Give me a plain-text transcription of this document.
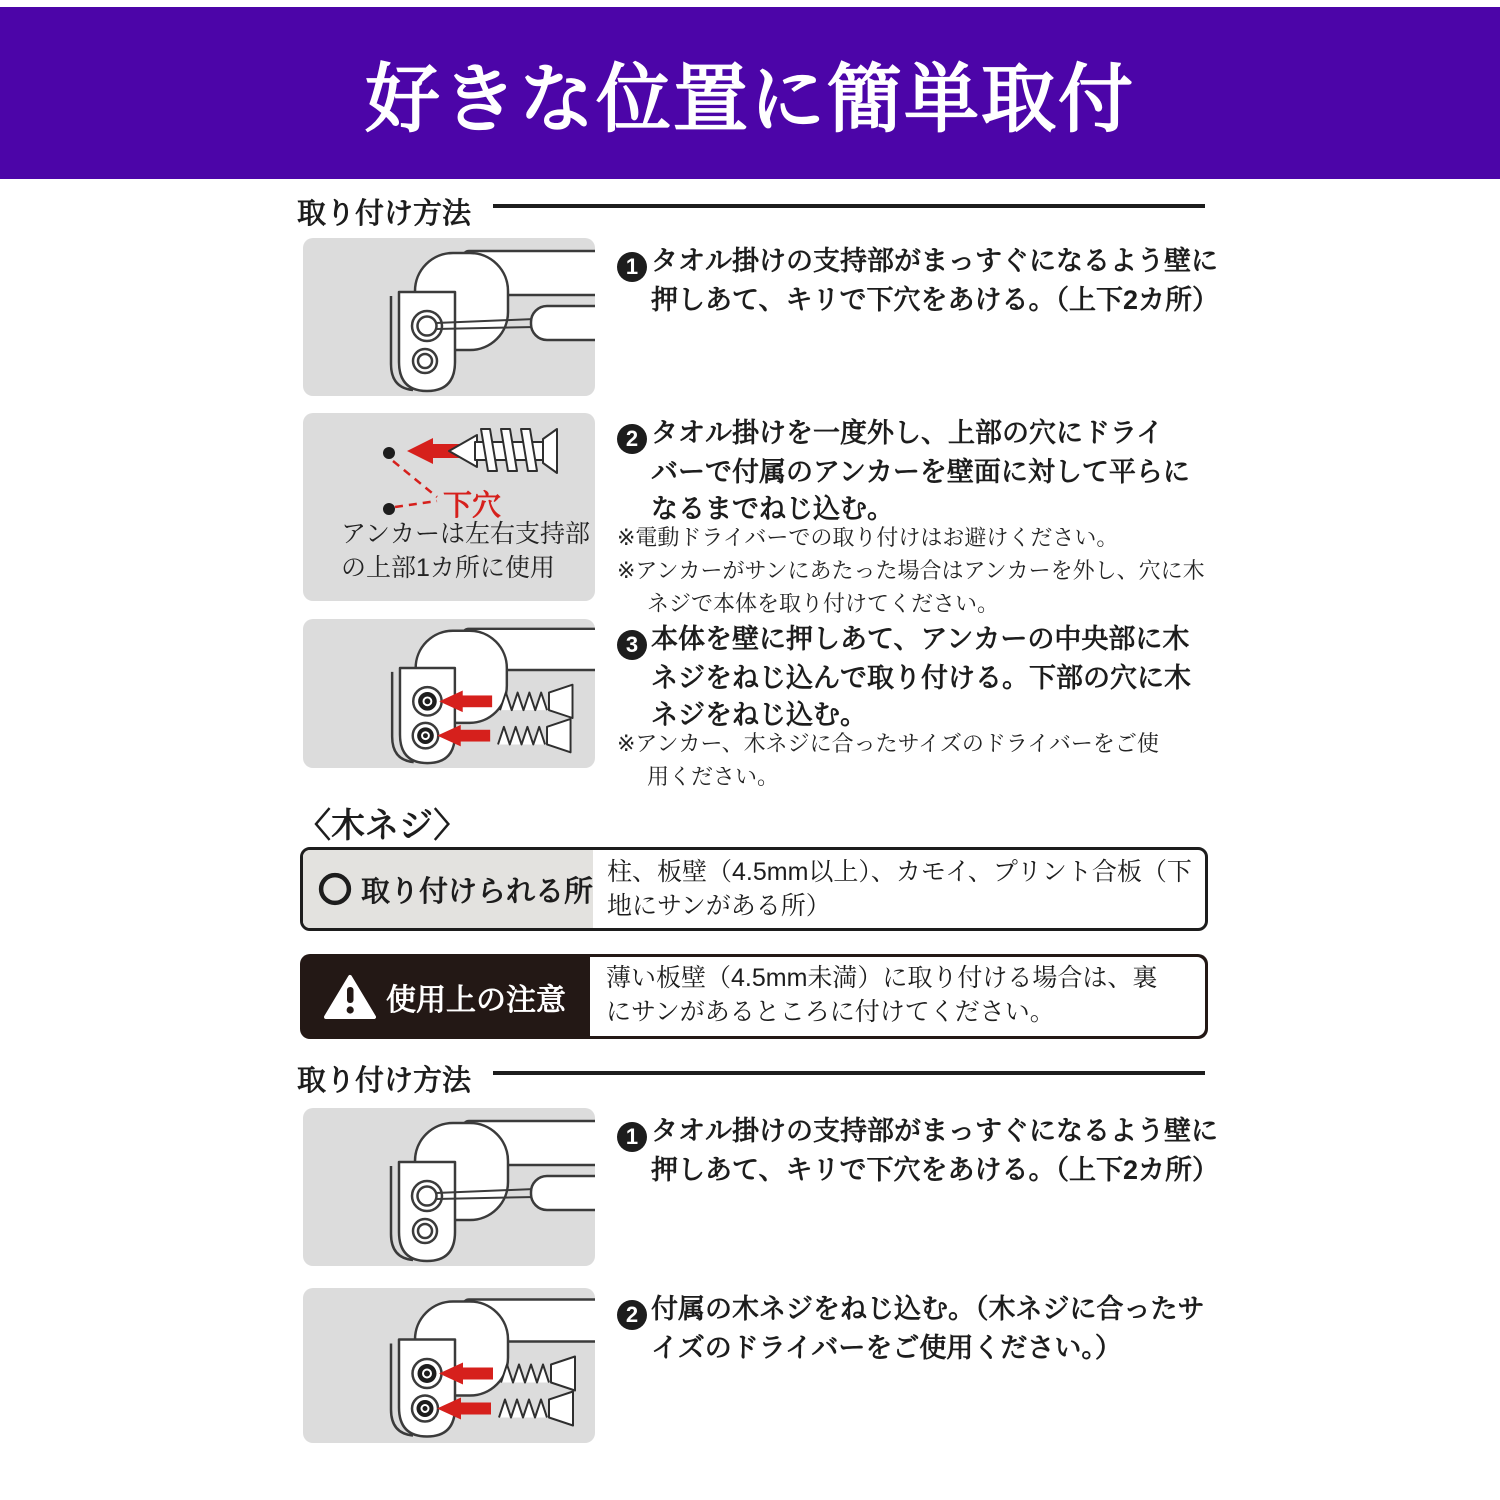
好きな位置に簡単取付
取り付け方法
1 タオル掛けの支持部がまっすぐになるよう壁に
押しあて、キリで下穴をあける。（上下2カ所）
下穴
アンカーは左右支持部
の上部1カ所に使用
2 タオル掛けを一度外し、上部の穴にドライ
バーで付属のアンカーを壁面に対して平らに
なるまでねじ込む。
※電動ドライバーでの取り付けはお避けください。
※アンカーがサンにあたった場合はアンカーを外し、穴に木
ネジで本体を取り付けてください。
3 本体を壁に押しあて、アンカーの中央部に木
ネジをねじ込んで取り付ける。下部の穴に木
ネジをねじ込む。
※アンカー、木ネジに合ったサイズのドライバーをご使
用ください。
〈木ネジ〉
取り付けられる所
柱、板壁（4.5mm以上）、カモイ、プリント合板（下
地にサンがある所）
使用上の注意
薄い板壁（4.5mm未満）に取り付ける場合は、裏
にサンがあるところに付けてください。
取り付け方法
1 タオル掛けの支持部がまっすぐになるよう壁に
押しあて、キリで下穴をあける。（上下2カ所）
2 付属の木ネジをねじ込む。（木ネジに合ったサ
イズのドライバーをご使用ください。）
